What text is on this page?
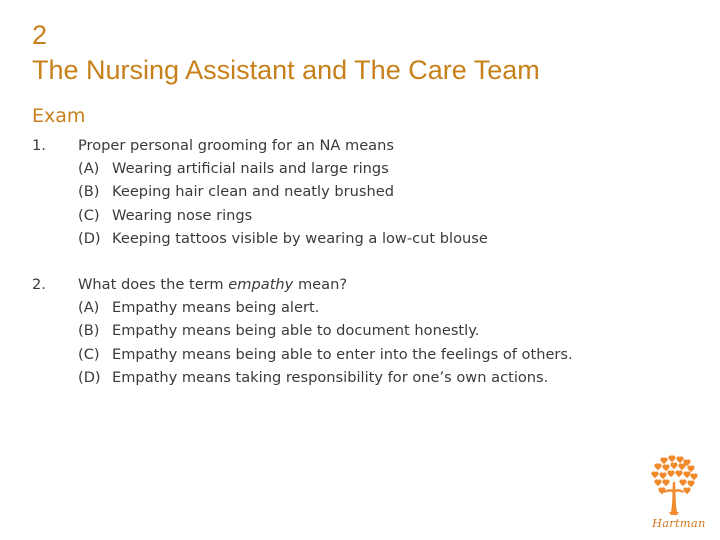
2
The Nursing Assistant and The Care Team
Exam
1. Proper personal grooming for an NA means
(A) Wearing artificial nails and large rings
(B) Keeping hair clean and neatly brushed
(C) Wearing nose rings
(D) Keeping tattoos visible by wearing a low-cut blouse
2. What does the term empathy mean?
(A) Empathy means being alert.
(B) Empathy means being able to document honestly.
(C) Empathy means being able to enter into the feelings of others.
(D) Empathy means taking responsibility for one’s own actions.
Hartman
